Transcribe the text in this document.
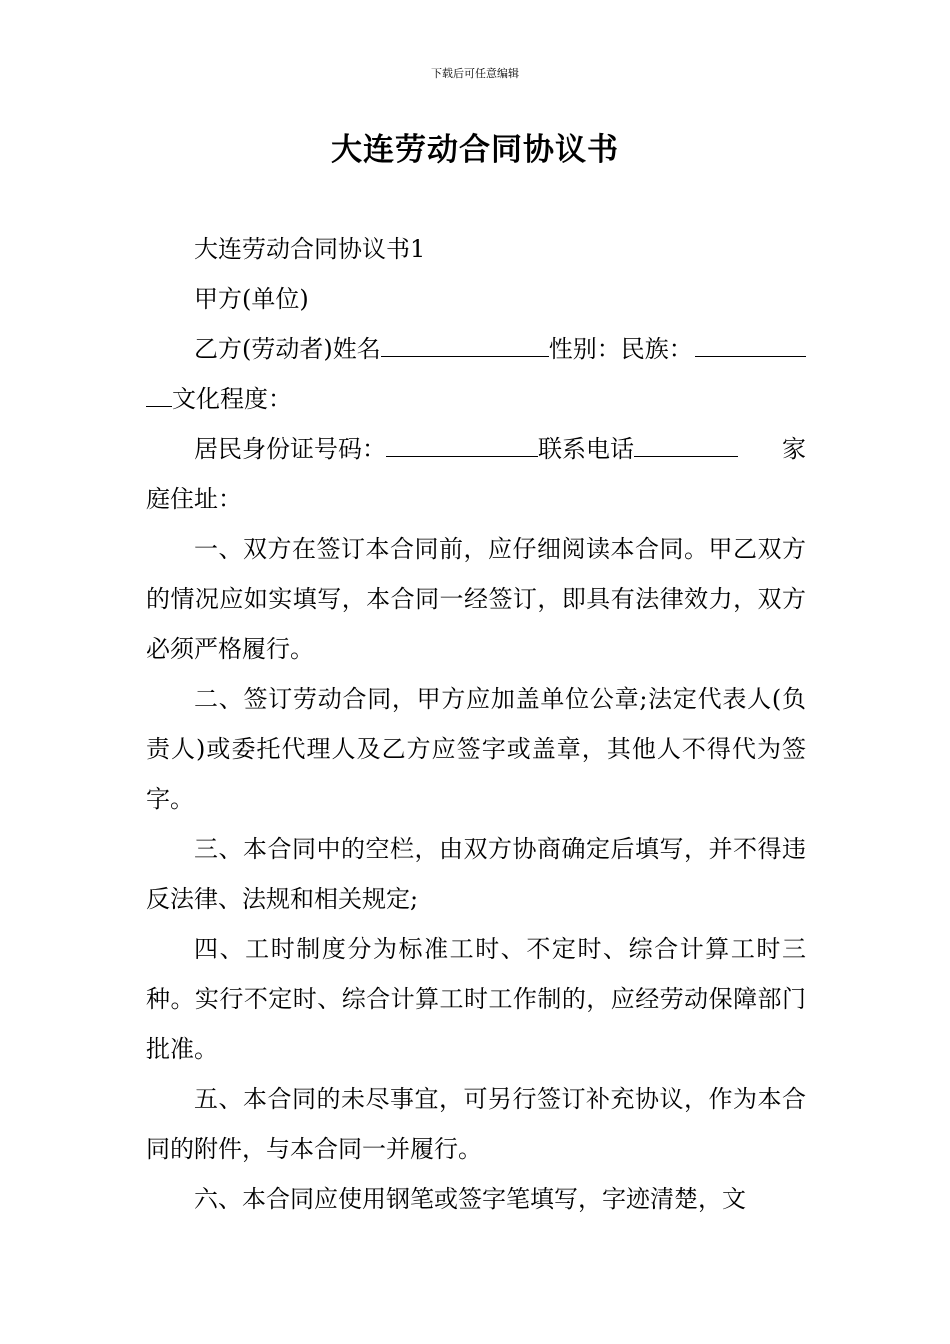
下载后可任意编辑
大连劳动合同协议书

大连劳动合同协议书1

甲方(单位)

乙方(劳动者)姓名	性别：民族：
文化程度：
居民身份证号码：	联系电话	家
庭住址：

一、双方在签订本合同前，应仔细阅读本合同。甲乙双方的情况应如实填写，本合同一经签订，即具有法律效力，双方必须严格履行。

二、签订劳动合同，甲方应加盖单位公章;法定代表人(负责人)或委托代理人及乙方应签字或盖章，其他人不得代为签字。

三、本合同中的空栏，由双方协商确定后填写，并不得违反法律、法规和相关规定;

四、工时制度分为标准工时、不定时、综合计算工时三种。实行不定时、综合计算工时工作制的，应经劳动保障部门批准。

五、本合同的未尽事宜，可另行签订补充协议，作为本合同的附件，与本合同一并履行。

六、本合同应使用钢笔或签字笔填写，字迹清楚，文
